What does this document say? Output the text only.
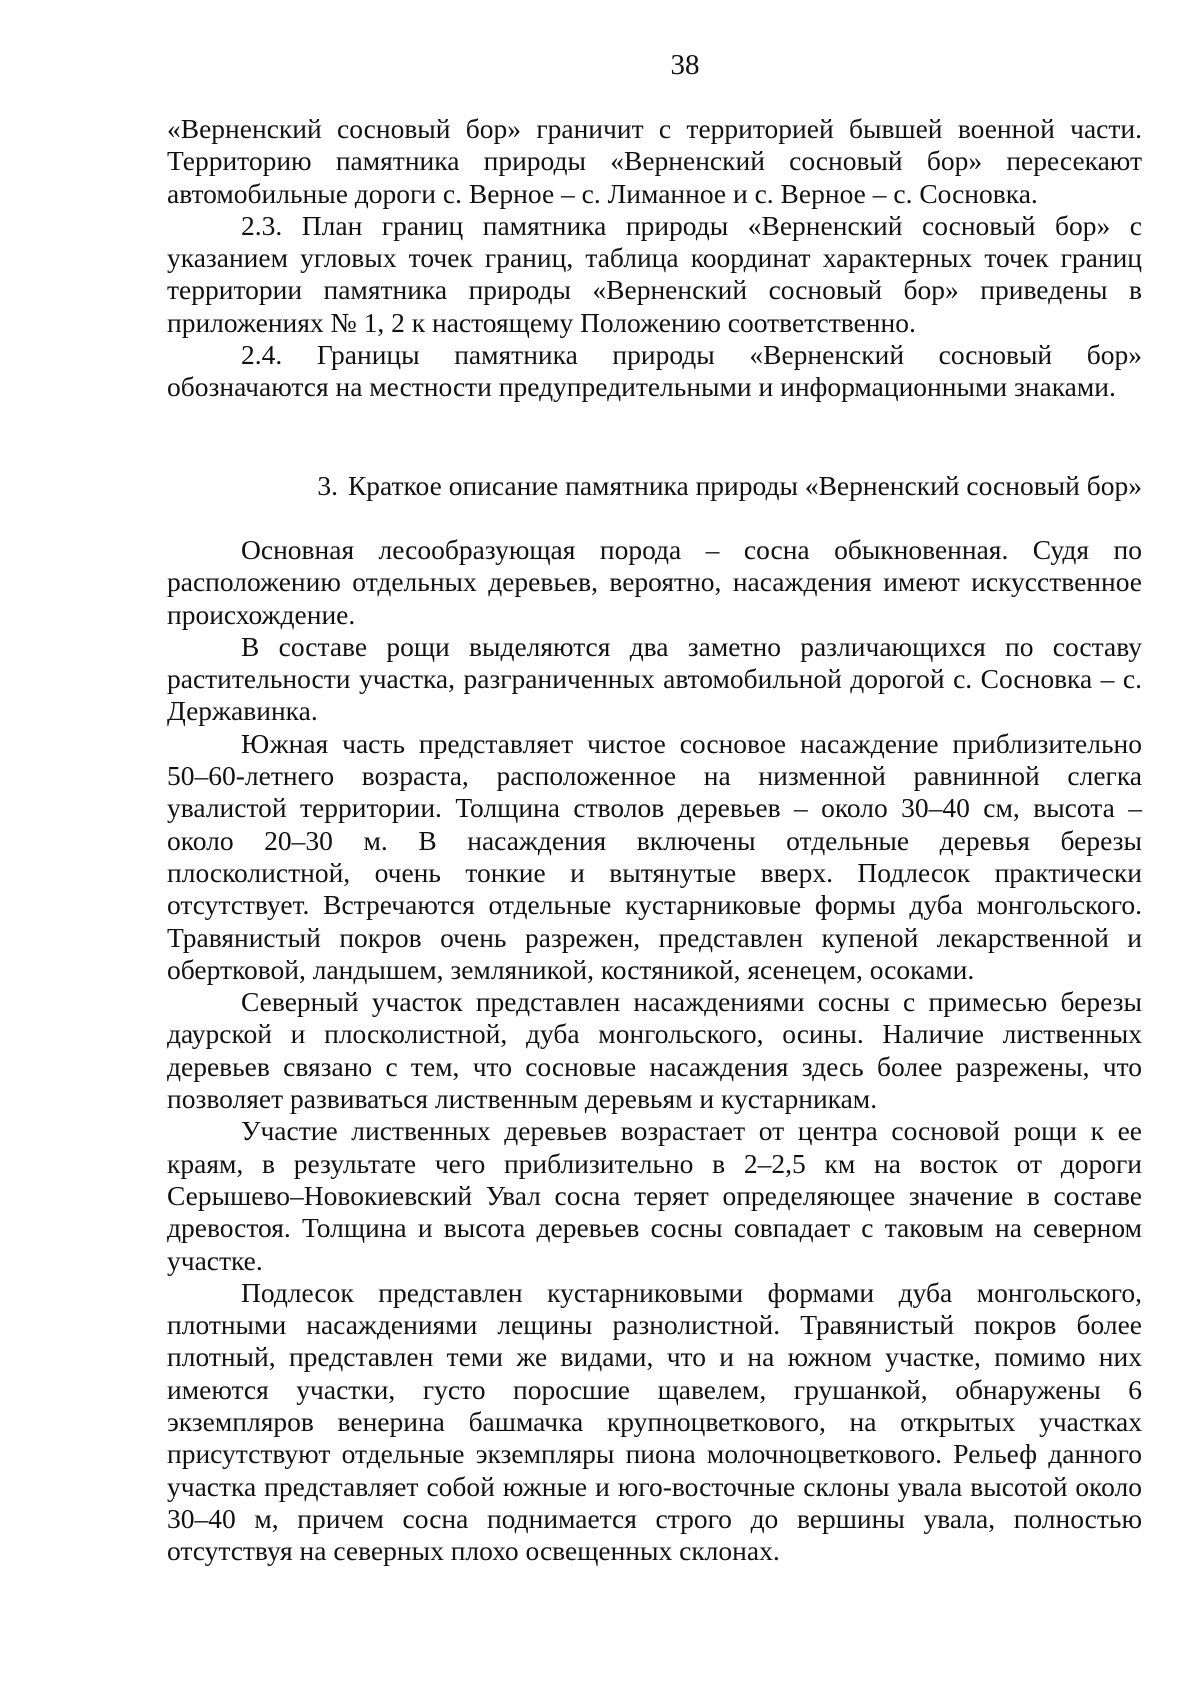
38

«Верненский сосновый бор» граничит с территорией бывшей военной части. Территорию памятника природы «Верненский сосновый бор» пересекают автомобильные дороги с. Верное – с. Лиманное и с. Верное – с. Сосновка.

2.3. План границ памятника природы «Верненский сосновый бор» с указанием угловых точек границ, таблица координат характерных точек границ территории памятника природы «Верненский сосновый бор» приведены в приложениях № 1, 2 к настоящему Положению соответственно.

2.4. Границы памятника природы «Верненский сосновый бор» обозначаются на местности предупредительными и информационными знаками.

3. Краткое описание памятника природы «Верненский сосновый бор»

Основная лесообразующая порода – сосна обыкновенная. Судя по расположению отдельных деревьев, вероятно, насаждения имеют искусственное происхождение.

В составе рощи выделяются два заметно различающихся по составу растительности участка, разграниченных автомобильной дорогой с. Сосновка – с. Державинка.

Южная часть представляет чистое сосновое насаждение приблизительно 50–60-летнего возраста, расположенное на низменной равнинной слегка увалистой территории. Толщина стволов деревьев – около 30–40 см, высота – около 20–30 м. В насаждения включены отдельные деревья березы плосколистной, очень тонкие и вытянутые вверх. Подлесок практически отсутствует. Встречаются отдельные кустарниковые формы дуба монгольского. Травянистый покров очень разрежен, представлен купеной лекарственной и обертковой, ландышем, земляникой, костяникой, ясенецем, осоками.

Северный участок представлен насаждениями сосны с примесью березы даурской и плосколистной, дуба монгольского, осины. Наличие лиственных деревьев связано с тем, что сосновые насаждения здесь более разрежены, что позволяет развиваться лиственным деревьям и кустарникам.

Участие лиственных деревьев возрастает от центра сосновой рощи к ее краям, в результате чего приблизительно в 2–2,5 км на восток от дороги Серышево–Новокиевский Увал сосна теряет определяющее значение в составе древостоя. Толщина и высота деревьев сосны совпадает с таковым на северном участке.

Подлесок представлен кустарниковыми формами дуба монгольского, плотными насаждениями лещины разнолистной. Травянистый покров более плотный, представлен теми же видами, что и на южном участке, помимо них имеются участки, густо поросшие щавелем, грушанкой, обнаружены 6 экземпляров венерина башмачка крупноцветкового, на открытых участках присутствуют отдельные экземпляры пиона молочноцветкового. Рельеф данного участка представляет собой южные и юго-восточные склоны увала высотой около 30–40 м, причем сосна поднимается строго до вершины увала, полностью отсутствуя на северных плохо освещенных склонах.
